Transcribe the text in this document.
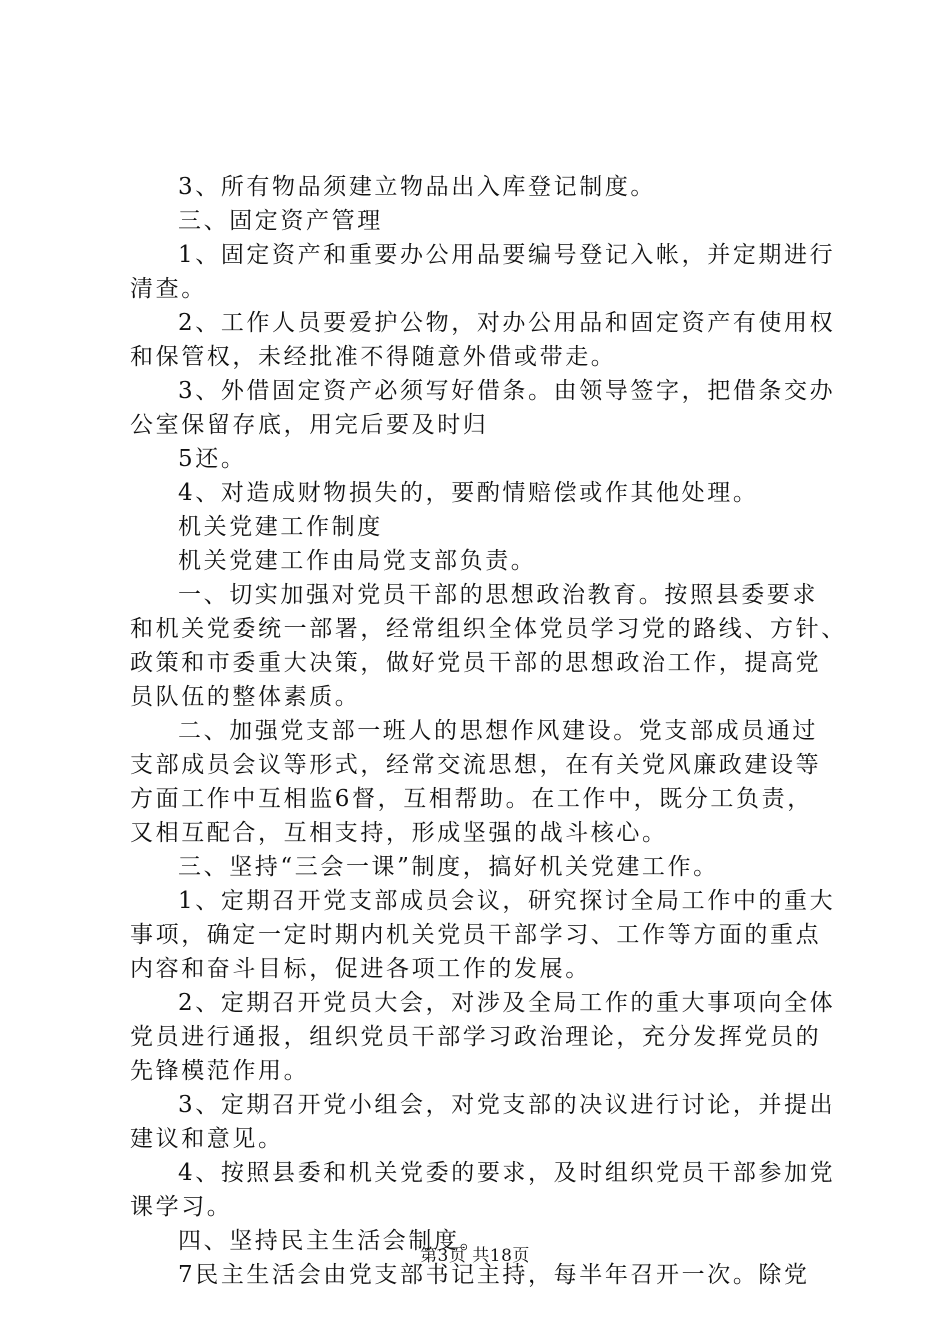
3、所有物品须建立物品出入库登记制度。
三、固定资产管理
1、固定资产和重要办公用品要编号登记入帐，并定期进行
清查。
2、工作人员要爱护公物，对办公用品和固定资产有使用权
和保管权，未经批准不得随意外借或带走。
3、外借固定资产必须写好借条。由领导签字，把借条交办
公室保留存底，用完后要及时归
5还。
4、对造成财物损失的，要酌情赔偿或作其他处理。
机关党建工作制度
机关党建工作由局党支部负责。
一、切实加强对党员干部的思想政治教育。按照县委要求
和机关党委统一部署，经常组织全体党员学习党的路线、方针、
政策和市委重大决策，做好党员干部的思想政治工作，提高党
员队伍的整体素质。
二、加强党支部一班人的思想作风建设。党支部成员通过
支部成员会议等形式，经常交流思想，在有关党风廉政建设等
方面工作中互相监6督，互相帮助。在工作中，既分工负责，
又相互配合，互相支持，形成坚强的战斗核心。
三、坚持“三会一课”制度，搞好机关党建工作。
1、定期召开党支部成员会议，研究探讨全局工作中的重大
事项，确定一定时期内机关党员干部学习、工作等方面的重点
内容和奋斗目标，促进各项工作的发展。
2、定期召开党员大会，对涉及全局工作的重大事项向全体
党员进行通报，组织党员干部学习政治理论，充分发挥党员的
先锋模范作用。
3、定期召开党小组会，对党支部的决议进行讨论，并提出
建议和意见。
4、按照县委和机关党委的要求，及时组织党员干部参加党
课学习。
四、坚持民主生活会制度。
7民主生活会由党支部书记主持，每半年召开一次。除党
第3页 共18页
